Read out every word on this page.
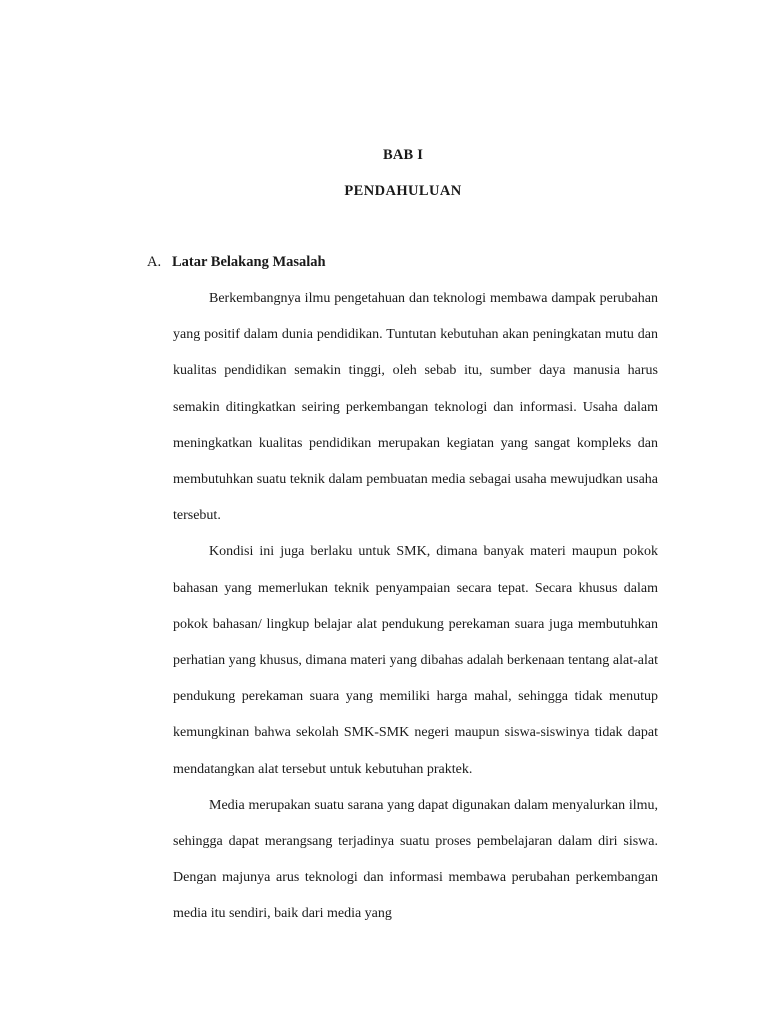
BAB I
PENDAHULUAN
A. Latar Belakang Masalah

Berkembangnya ilmu pengetahuan dan teknologi membawa dampak perubahan yang positif dalam dunia pendidikan. Tuntutan kebutuhan akan peningkatan mutu dan kualitas pendidikan semakin tinggi, oleh sebab itu, sumber daya manusia harus semakin ditingkatkan seiring perkembangan teknologi dan informasi. Usaha dalam meningkatkan kualitas pendidikan merupakan kegiatan yang sangat kompleks dan membutuhkan suatu teknik dalam pembuatan media sebagai usaha mewujudkan usaha tersebut.

Kondisi ini juga berlaku untuk SMK, dimana banyak materi maupun pokok bahasan yang memerlukan teknik penyampaian secara tepat. Secara khusus dalam pokok bahasan/ lingkup belajar alat pendukung perekaman suara juga membutuhkan perhatian yang khusus, dimana materi yang dibahas adalah berkenaan tentang alat-alat pendukung perekaman suara yang memiliki harga mahal, sehingga tidak menutup kemungkinan bahwa sekolah SMK-SMK negeri maupun siswa-siswinya tidak dapat mendatangkan alat tersebut untuk kebutuhan praktek.

Media merupakan suatu sarana yang dapat digunakan dalam menyalurkan ilmu, sehingga dapat merangsang terjadinya suatu proses pembelajaran dalam diri siswa. Dengan majunya arus teknologi dan informasi membawa perubahan perkembangan media itu sendiri, baik dari media yang
